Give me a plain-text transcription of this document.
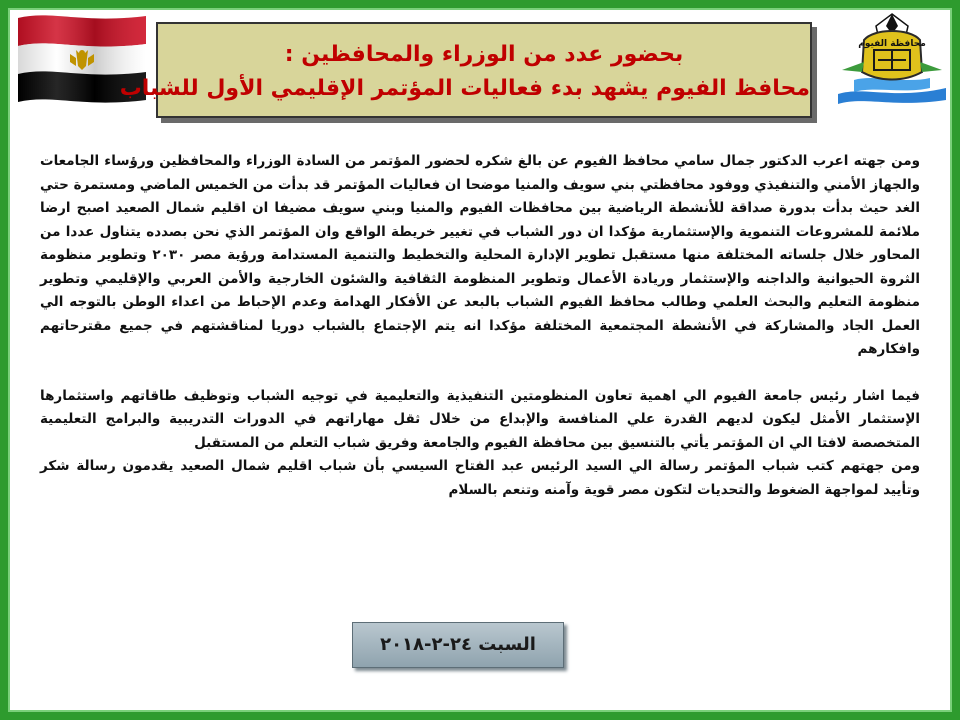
بحضور عدد من الوزراء والمحافظين :
محافظ الفيوم يشهد بدء فعاليات المؤتمر الإقليمي الأول للشباب
محافظة الفيوم

ومن جهته اعرب الدكتور جمال سامي محافظ الفيوم عن بالغ شكره لحضور المؤتمر من السادة الوزراء والمحافظين ورؤساء الجامعات والجهاز الأمني والتنفيذي ووفود محافظتي بني سويف والمنيا موضحا ان فعاليات المؤتمر قد بدأت من الخميس الماضي ومستمرة حتي الغد حيث بدأت بدورة صداقة للأنشطة الرياضية بين محافظات الفيوم والمنيا وبني سويف مضيفا ان اقليم شمال الصعيد اصبح ارضا ملائمة للمشروعات التنموية والإستثمارية مؤكدا ان دور الشباب في تغيير خريطة الواقع وان المؤتمر الذي نحن بصدده يتناول عددا من المحاور خلال جلساته المختلفة منها مستقبل تطوير الإدارة المحلية والتخطيط والتنمية المستدامة ورؤية مصر ٢٠٣٠ وتطوير منظومة الثروة الحيوانية والداجنه والإستثمار وريادة الأعمال وتطوير المنظومة الثقافية والشئون الخارجية والأمن العربي والإقليمي وتطوير منظومة التعليم والبحث العلمي وطالب محافظ الفيوم الشباب بالبعد عن الأفكار الهدامة وعدم الإحباط من اعداء الوطن بالتوجه الي العمل الجاد والمشاركة في الأنشطة المجتمعية المختلفة مؤكدا انه يتم الإجتماع بالشباب دوريا لمناقشتهم في جميع مقترحاتهم وافكارهم

فيما اشار رئيس جامعة الفيوم الي اهمية تعاون المنظومتين التنفيذية والتعليمية في توجيه الشباب وتوظيف طاقاتهم واستثمارها الإستثمار الأمثل ليكون لديهم القدرة علي المنافسة والإبداع من خلال ثقل مهاراتهم في الدورات التدريبية والبرامج التعليمية المتخصصة لافتا الي ان المؤتمر يأتي بالتنسيق بين محافظة الفيوم والجامعة وفريق شباب التعلم من المستقبل

ومن جهتهم كتب شباب المؤتمر رسالة الي السيد الرئيس عبد الفتاح السيسي بأن شباب اقليم شمال الصعيد يقدمون رسالة شكر وتأييد لمواجهة الضغوط والتحديات لتكون مصر قوية وآمنه وتنعم بالسلام

السبت ٢٤-٢-٢٠١٨
